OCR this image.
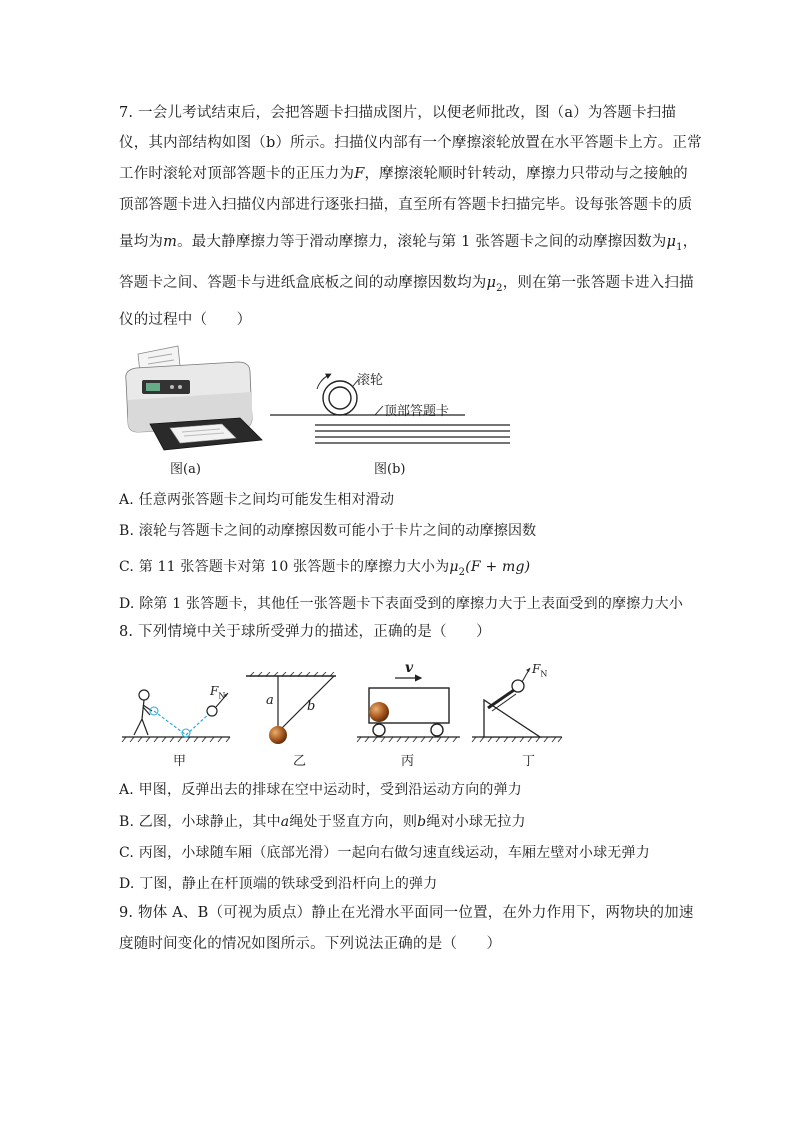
7. 一会儿考试结束后，会把答题卡扫描成图片，以便老师批改，图（a）为答题卡扫描
仪，其内部结构如图（b）所示。扫描仪内部有一个摩擦滚轮放置在水平答题卡上方。正常
工作时滚轮对顶部答题卡的正压力为F，摩擦滚轮顺时针转动，摩擦力只带动与之接触的
顶部答题卡进入扫描仪内部进行逐张扫描，直至所有答题卡扫描完毕。设每张答题卡的质
量均为m。最大静摩擦力等于滑动摩擦力，滚轮与第 1 张答题卡之间的动摩擦因数为$\mu_1$，
答题卡之间、答题卡与进纸盒底板之间的动摩擦因数均为$\mu_2$，则在第一张答题卡进入扫描
仪的过程中（　　）
图(a)
滚轮
顶部答题卡
图(b)
A. 任意两张答题卡之间均可能发生相对滑动
B. 滚轮与答题卡之间的动摩擦因数可能小于卡片之间的动摩擦因数
C. 第 11 张答题卡对第 10 张答题卡的摩擦力大小为$\mu_2(F + mg)$
D. 除第 1 张答题卡，其他任一张答题卡下表面受到的摩擦力大于上表面受到的摩擦力大小
8. 下列情境中关于球所受弹力的描述，正确的是（　　）
$F_N$
甲
a	b
乙
v
丙
$F_N$
丁
A. 甲图，反弹出去的排球在空中运动时，受到沿运动方向的弹力
B. 乙图，小球静止，其中a绳处于竖直方向，则b绳对小球无拉力
C. 丙图，小球随车厢（底部光滑）一起向右做匀速直线运动，车厢左壁对小球无弹力
D. 丁图，静止在杆顶端的铁球受到沿杆向上的弹力
9. 物体 A、B（可视为质点）静止在光滑水平面同一位置，在外力作用下，两物块的加速
度随时间变化的情况如图所示。下列说法正确的是（　　）
